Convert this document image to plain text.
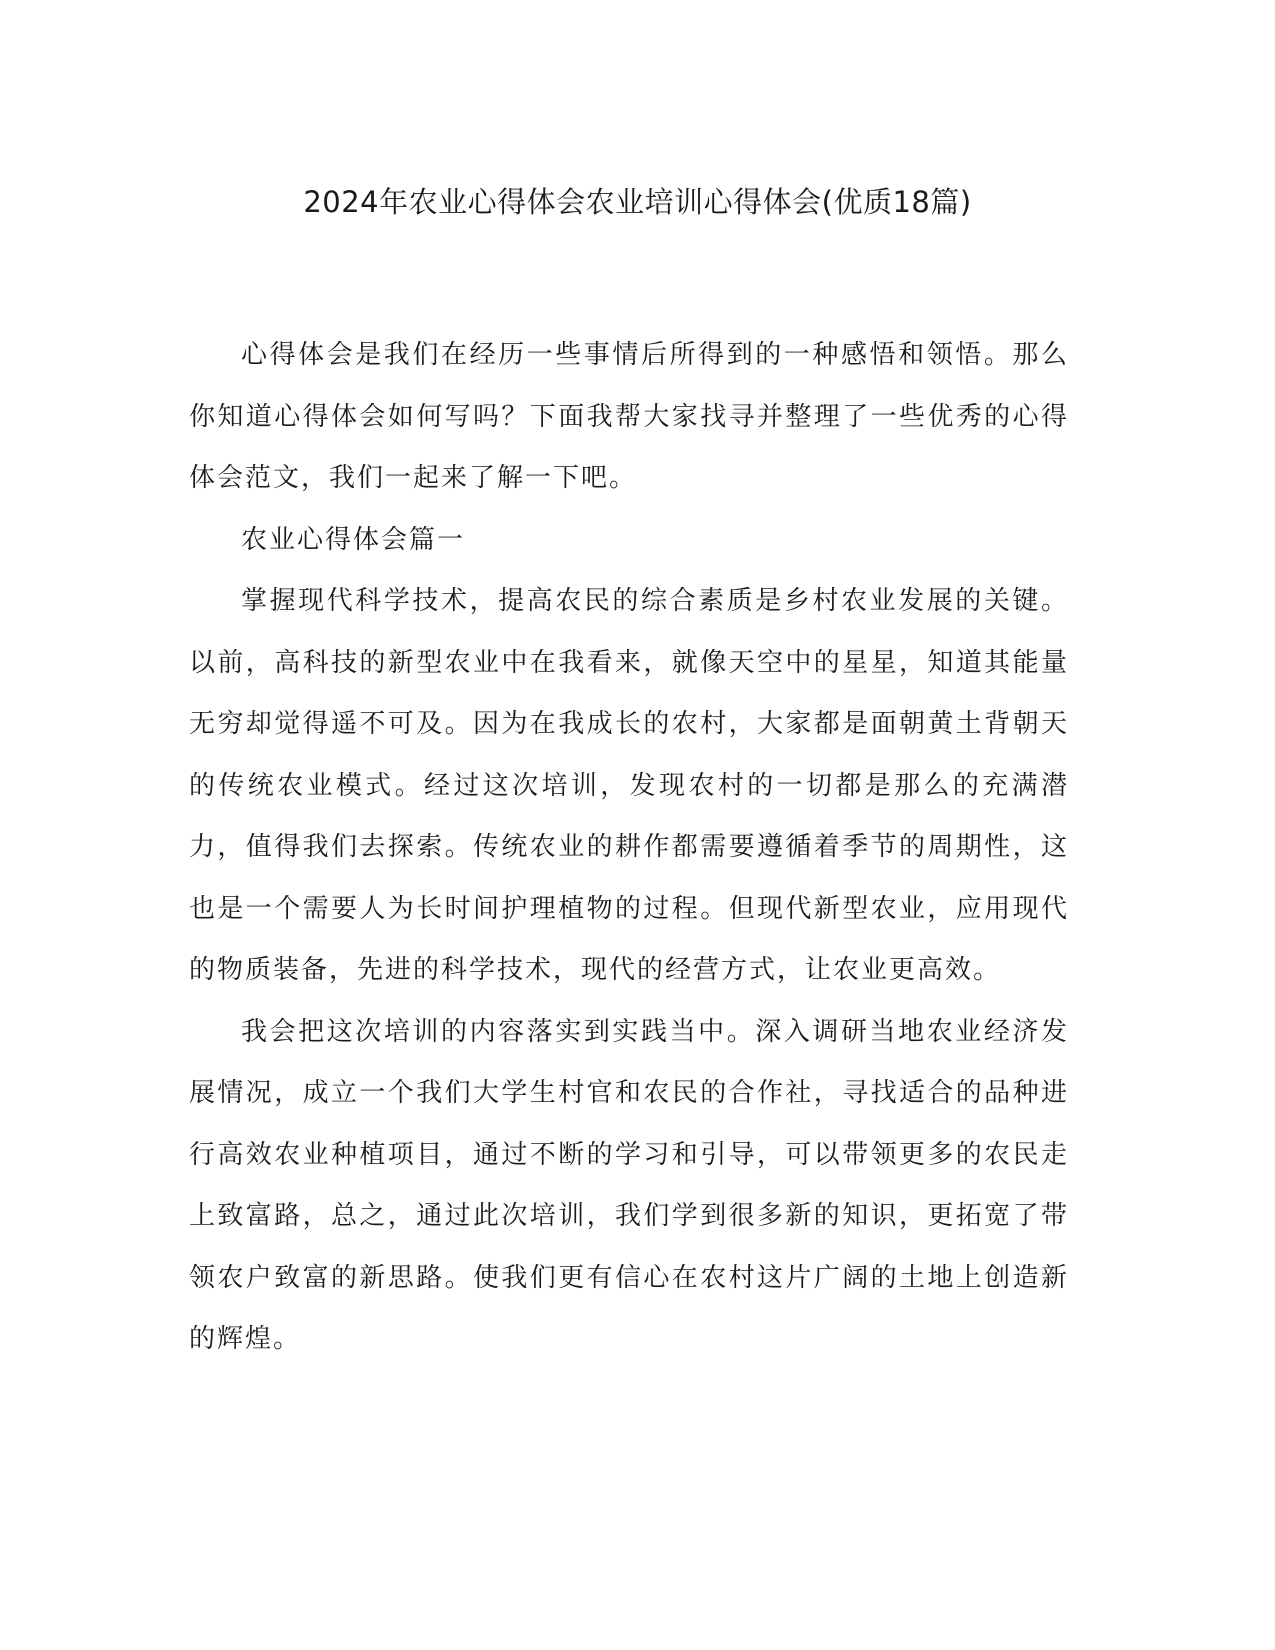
2024年农业心得体会农业培训心得体会(优质18篇)

心得体会是我们在经历一些事情后所得到的一种感悟和领悟。那么你知道心得体会如何写吗？下面我帮大家找寻并整理了一些优秀的心得体会范文，我们一起来了解一下吧。

农业心得体会篇一

掌握现代科学技术，提高农民的综合素质是乡村农业发展的关键。以前，高科技的新型农业中在我看来，就像天空中的星星，知道其能量无穷却觉得遥不可及。因为在我成长的农村，大家都是面朝黄土背朝天的传统农业模式。经过这次培训，发现农村的一切都是那么的充满潜力，值得我们去探索。传统农业的耕作都需要遵循着季节的周期性，这也是一个需要人为长时间护理植物的过程。但现代新型农业，应用现代的物质装备，先进的科学技术，现代的经营方式，让农业更高效。

我会把这次培训的内容落实到实践当中。深入调研当地农业经济发展情况，成立一个我们大学生村官和农民的合作社，寻找适合的品种进行高效农业种植项目，通过不断的学习和引导，可以带领更多的农民走上致富路，总之，通过此次培训，我们学到很多新的知识，更拓宽了带领农户致富的新思路。使我们更有信心在农村这片广阔的土地上创造新的辉煌。
